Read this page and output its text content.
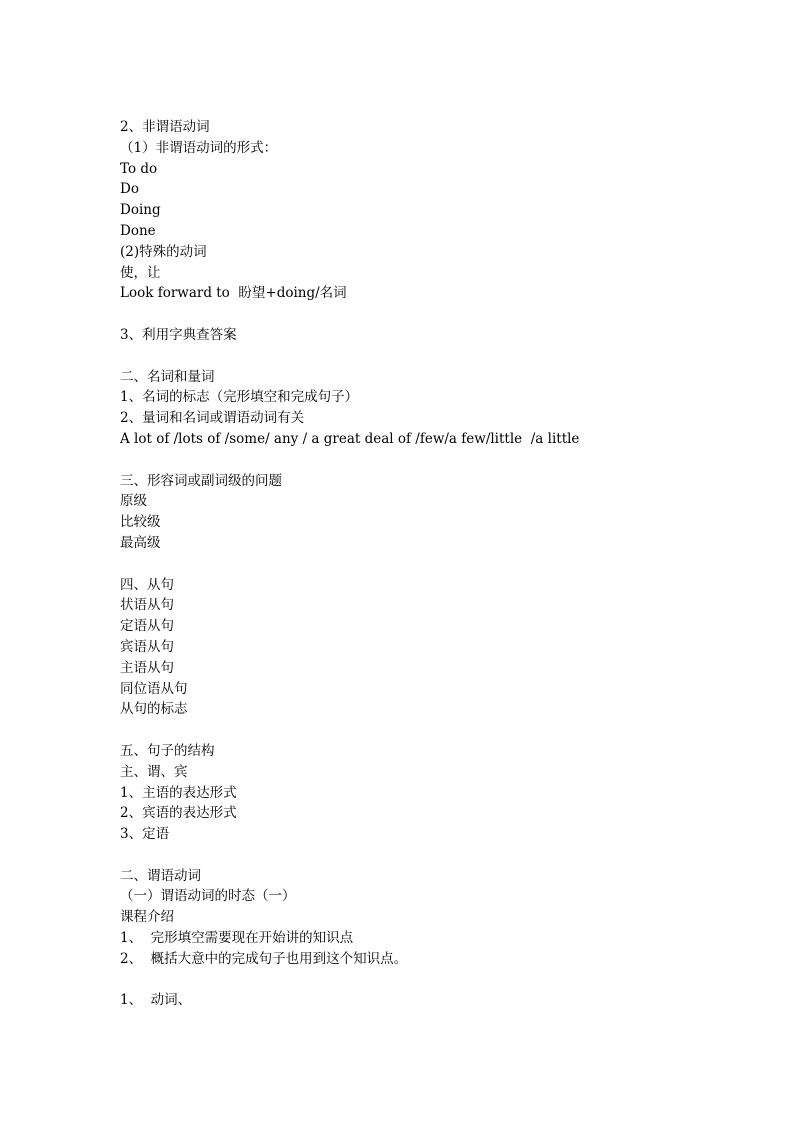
2、非谓语动词
（1）非谓语动词的形式：
To do
Do
Doing
Done
(2)特殊的动词
使，让
Look forward to  盼望+doing/名词
3、利用字典查答案
二、名词和量词
1、名词的标志（完形填空和完成句子）
2、量词和名词或谓语动词有关
A lot of /lots of /some/ any / a great deal of /few/a few/little  /a little
三、形容词或副词级的问题
原级
比较级
最高级
四、从句
状语从句
定语从句
宾语从句
主语从句
同位语从句
从句的标志
五、句子的结构
主、谓、宾
1、主语的表达形式
2、宾语的表达形式
3、定语
二、谓语动词
（一）谓语动词的时态（一）
课程介绍
1、  完形填空需要现在开始讲的知识点
2、  概括大意中的完成句子也用到这个知识点。
1、  动词、
